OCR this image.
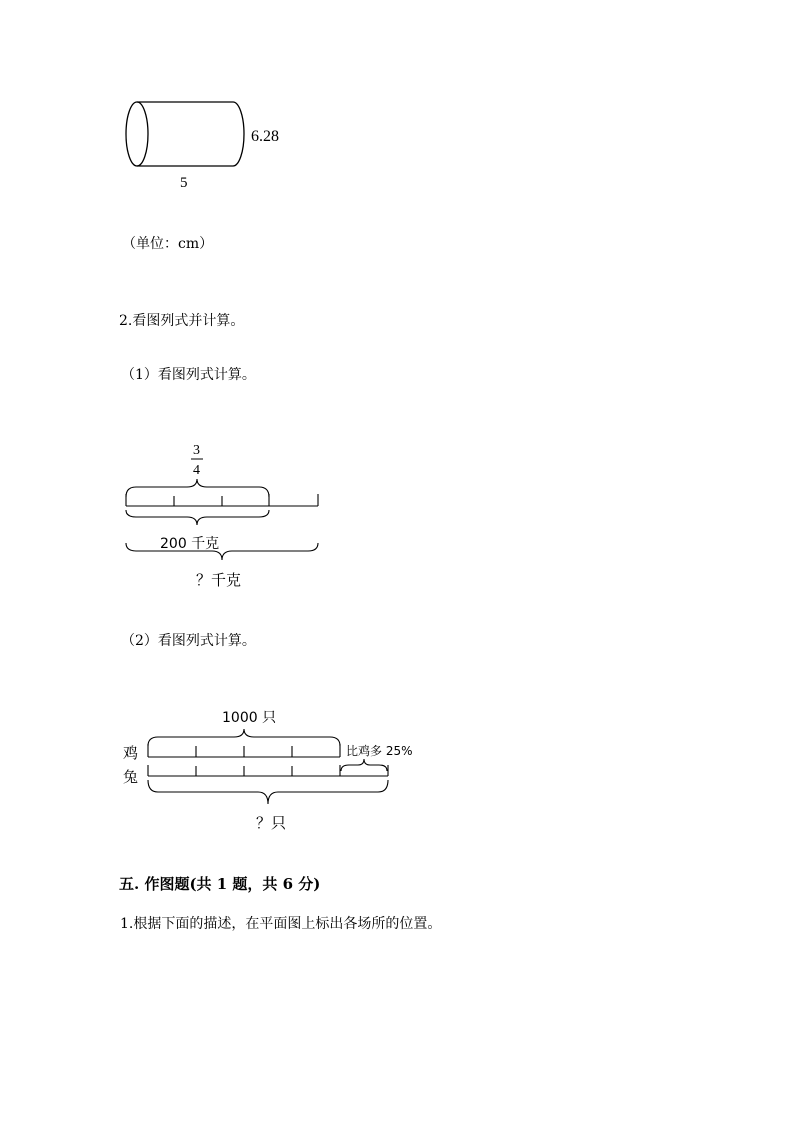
6.28
5
（单位：cm）
2.看图列式并计算。
（1）看图列式计算。
3
4
200 千克
？千克
（2）看图列式计算。
1000 只
鸡
兔
比鸡多 25%
？只
五. 作图题(共 1 题，共 6 分)
1.根据下面的描述，在平面图上标出各场所的位置。
